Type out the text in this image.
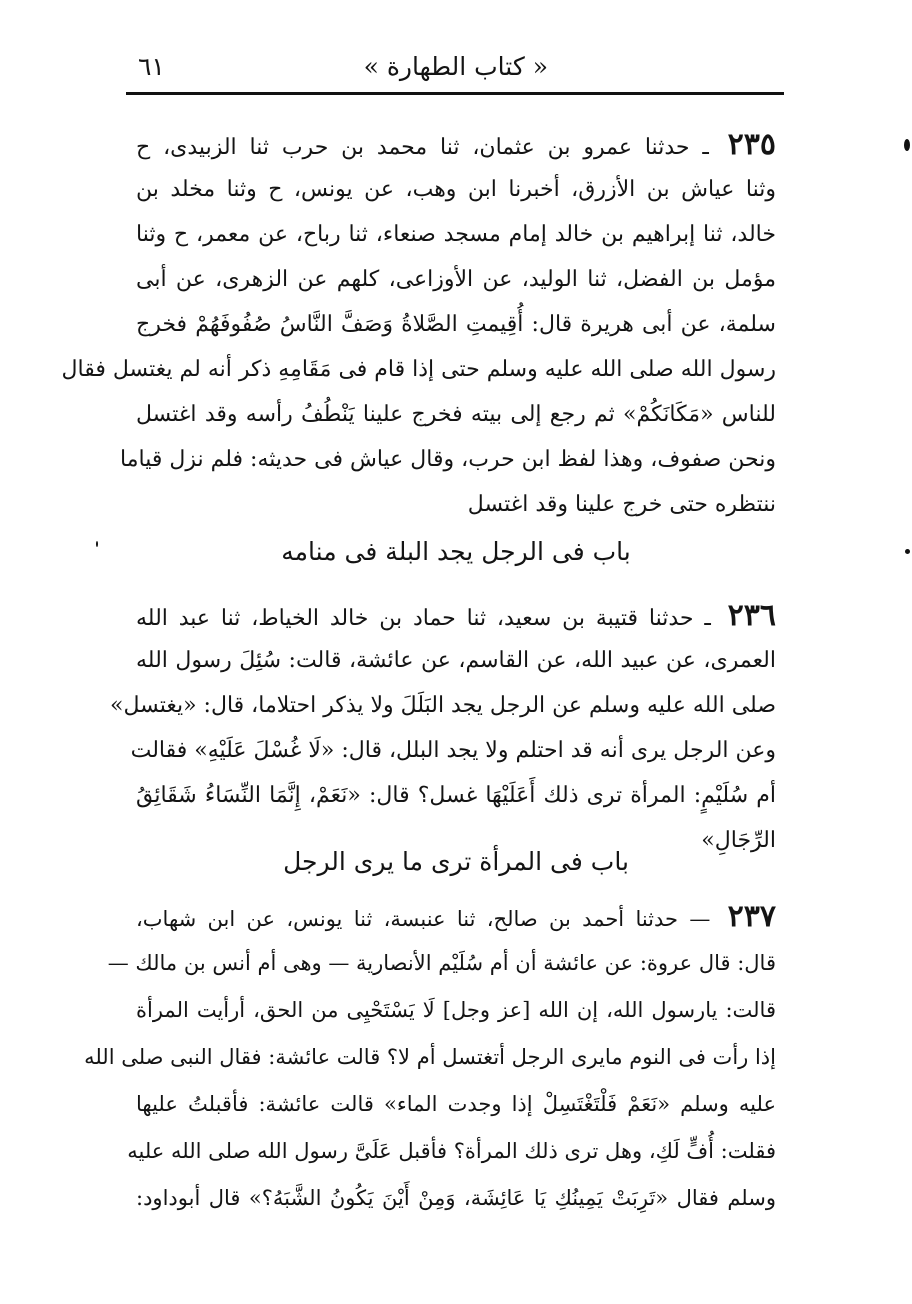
« كتاب الطهارة »
٦١
٢٣٥ ـ حدثنا عمرو بن عثمان، ثنا محمد بن حرب ثنا الزبيدى، ح
وثنا عياش بن الأزرق، أخبرنا ابن وهب، عن يونس، ح وثنا مخلد بن
خالد، ثنا إبراهيم بن خالد إمام مسجد صنعاء، ثنا رباح، عن معمر، ح وثنا
مؤمل بن الفضل، ثنا الوليد، عن الأوزاعى، كلهم عن الزهرى، عن أبى
سلمة، عن أبى هريرة قال: أُقِيمتِ الصَّلاةُ وَصَفَّ النَّاسُ صُفُوفَهُمْ فخرج
رسول الله صلى الله عليه وسلم حتى إذا قام فى مَقَامِهِ ذكر أنه لم يغتسل فقال
للناس «مَكَانَكُمْ» ثم رجع إلى بيته فخرج علينا يَنْطُفُ رأسه وقد اغتسل
ونحن صفوف، وهذا لفظ ابن حرب، وقال عياش فى حديثه: فلم نزل قياما
ننتظره حتى خرج علينا وقد اغتسل
باب فى الرجل يجد البلة فى منامه
٢٣٦ ـ حدثنا قتيبة بن سعيد، ثنا حماد بن خالد الخياط، ثنا عبد الله
العمرى، عن عبيد الله، عن القاسم، عن عائشة، قالت: سُئِلَ رسول الله
صلى الله عليه وسلم عن الرجل يجد البَلَلَ ولا يذكر احتلاما، قال: «يغتسل»
وعن الرجل يرى أنه قد احتلم ولا يجد البلل، قال: «لَا غُسْلَ عَلَيْهِ» فقالت
أم سُلَيْمٍ: المرأة ترى ذلك أَعَلَيْهَا غسل؟ قال: «نَعَمْ، إِنَّمَا النِّسَاءُ شَقَائِقُ
الرِّجَالِ»
باب فى المرأة ترى ما يرى الرجل
٢٣٧ — حدثنا أحمد بن صالح، ثنا عنبسة، ثنا يونس، عن ابن شهاب،
قال: قال عروة: عن عائشة أن أم سُلَيْم الأنصارية — وهى أم أنس بن مالك —
قالت: يارسول الله، إن الله [عز وجل] لَا يَسْتَحْيِى من الحق، أرأيت المرأة
إذا رأت فى النوم مايرى الرجل أتغتسل أم لا؟ قالت عائشة: فقال النبى صلى الله
عليه وسلم «نَعَمْ فَلْتَغْتَسِلْ إذا وجدت الماء» قالت عائشة: فأقبلتُ عليها
فقلت: أُفٍّ لَكِ، وهل ترى ذلك المرأة؟ فأقبل عَلَىَّ رسول الله صلى الله عليه
وسلم فقال «تَرِبَتْ يَمِينُكِ يَا عَائِشَة، وَمِنْ أَيْنَ يَكُونُ الشَّبَهُ؟» قال أبوداود:
